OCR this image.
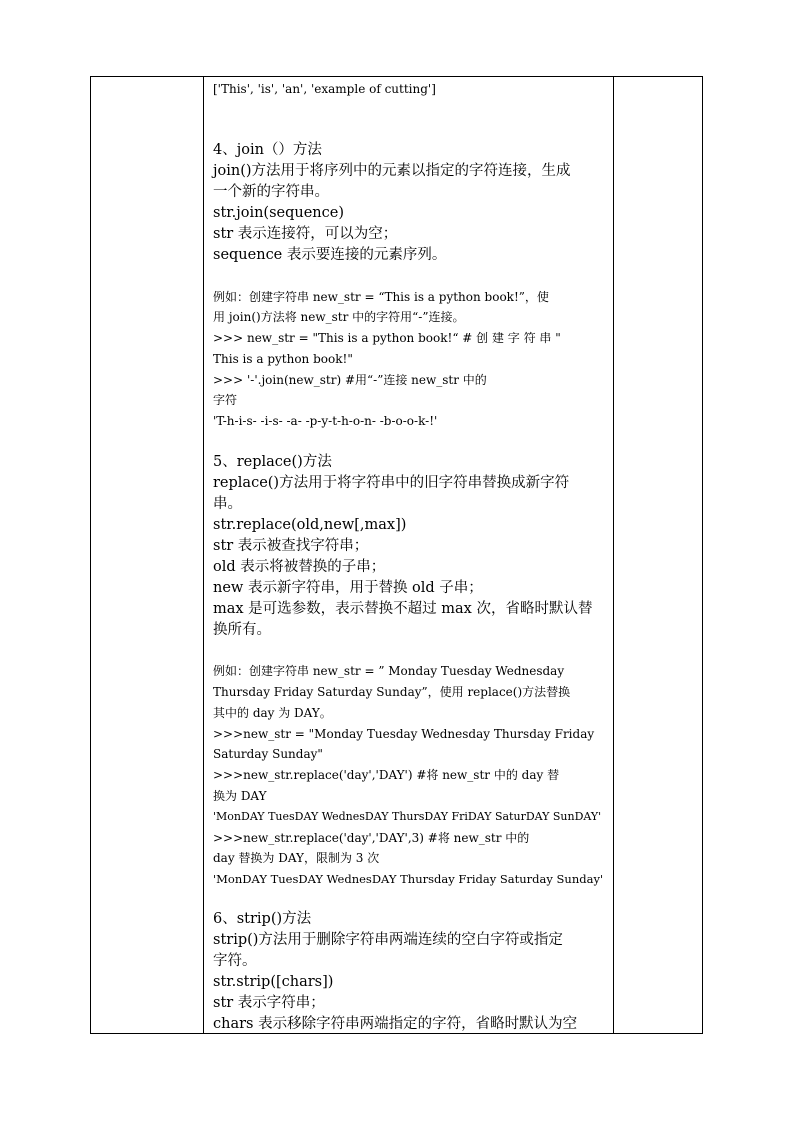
['This', 'is', 'an', 'example of cutting']
4、join（）方法
join()方法用于将序列中的元素以指定的字符连接，生成
一个新的字符串。
str.join(sequence)
str 表示连接符，可以为空；
sequence 表示要连接的元素序列。
例如：创建字符串 new_str = “This is a python book!”，使
用 join()方法将 new_str 中的字符用“-”连接。
>>> new_str = "This is a python book!“ # 创 建 字 符 串 "
This is a python book!"
>>> '-'.join(new_str) #用“-”连接 new_str 中的
字符
'T-h-i-s- -i-s- -a- -p-y-t-h-o-n- -b-o-o-k-!'
5、replace()方法
replace()方法用于将字符串中的旧字符串替换成新字符
串。
str.replace(old,new[,max])
str 表示被查找字符串；
old 表示将被替换的子串；
new 表示新字符串，用于替换 old 子串；
max 是可选参数，表示替换不超过 max 次，省略时默认替
换所有。
例如：创建字符串 new_str = ” Monday Tuesday Wednesday
Thursday Friday Saturday Sunday”，使用 replace()方法替换
其中的 day 为 DAY。
>>>new_str = "Monday Tuesday Wednesday Thursday Friday
Saturday Sunday"
>>>new_str.replace('day','DAY') #将 new_str 中的 day 替
换为 DAY
'MonDAY TuesDAY WednesDAY ThursDAY FriDAY SaturDAY SunDAY'
>>>new_str.replace('day','DAY',3) #将 new_str 中的
day 替换为 DAY，限制为 3 次
'MonDAY TuesDAY WednesDAY Thursday Friday Saturday Sunday'
6、strip()方法
strip()方法用于删除字符串两端连续的空白字符或指定
字符。
str.strip([chars])
str 表示字符串；
chars 表示移除字符串两端指定的字符，省略时默认为空
